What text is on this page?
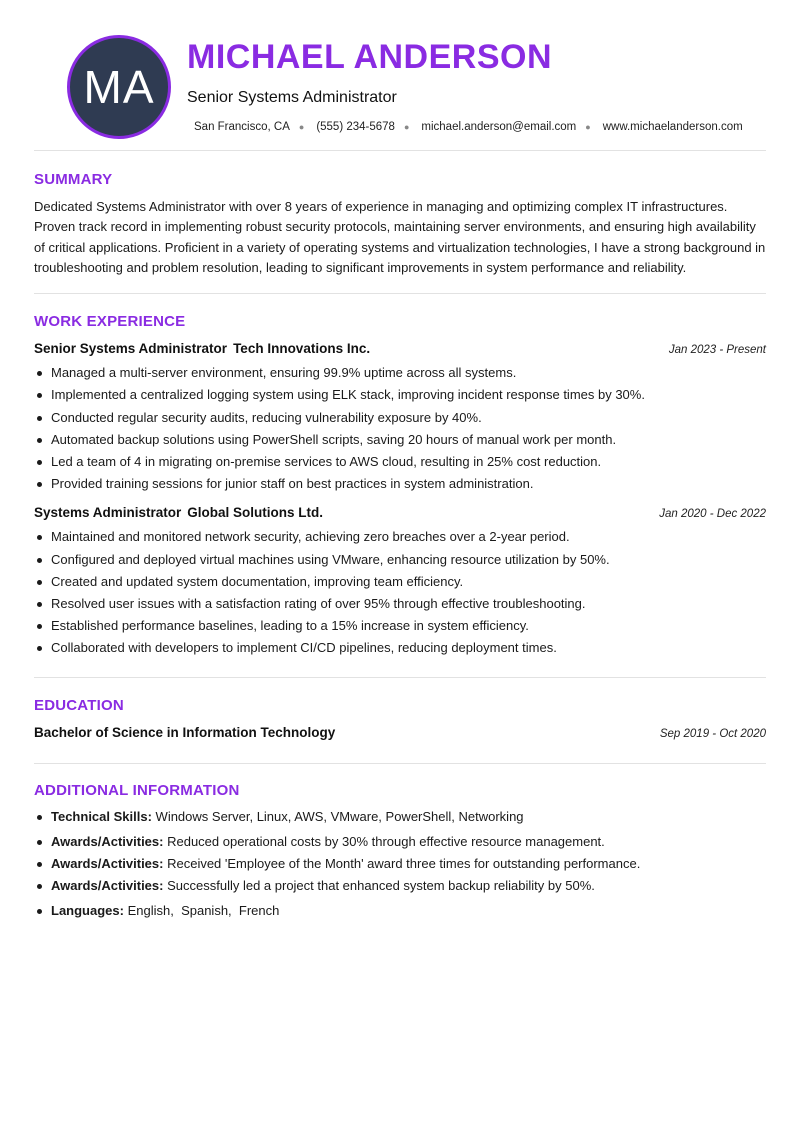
MA
MICHAEL ANDERSON
Senior Systems Administrator
San Francisco, CA ● (555) 234-5678 ● michael.anderson@email.com ● www.michaelanderson.com
SUMMARY

Dedicated Systems Administrator with over 8 years of experience in managing and optimizing complex IT infrastructures. Proven track record in implementing robust security protocols, maintaining server environments, and ensuring high availability of critical applications. Proficient in a variety of operating systems and virtualization technologies, I have a strong background in troubleshooting and problem resolution, leading to significant improvements in system performance and reliability.

WORK EXPERIENCE
Senior Systems Administrator Tech Innovations Inc.	Jan 2023 - Present
Managed a multi-server environment, ensuring 99.9% uptime across all systems.
Implemented a centralized logging system using ELK stack, improving incident response times by 30%.
Conducted regular security audits, reducing vulnerability exposure by 40%.
Automated backup solutions using PowerShell scripts, saving 20 hours of manual work per month.
Led a team of 4 in migrating on-premise services to AWS cloud, resulting in 25% cost reduction.
Provided training sessions for junior staff on best practices in system administration.
Systems Administrator Global Solutions Ltd.	Jan 2020 - Dec 2022
Maintained and monitored network security, achieving zero breaches over a 2-year period.
Configured and deployed virtual machines using VMware, enhancing resource utilization by 50%.
Created and updated system documentation, improving team efficiency.
Resolved user issues with a satisfaction rating of over 95% through effective troubleshooting.
Established performance baselines, leading to a 15% increase in system efficiency.
Collaborated with developers to implement CI/CD pipelines, reducing deployment times.
EDUCATION
Bachelor of Science in Information Technology	Sep 2019 - Oct 2020
ADDITIONAL INFORMATION
Technical Skills: Windows Server, Linux, AWS, VMware, PowerShell, Networking
Awards/Activities: Reduced operational costs by 30% through effective resource management.
Awards/Activities: Received 'Employee of the Month' award three times for outstanding performance.
Awards/Activities: Successfully led a project that enhanced system backup reliability by 50%.
Languages: English,  Spanish,  French
